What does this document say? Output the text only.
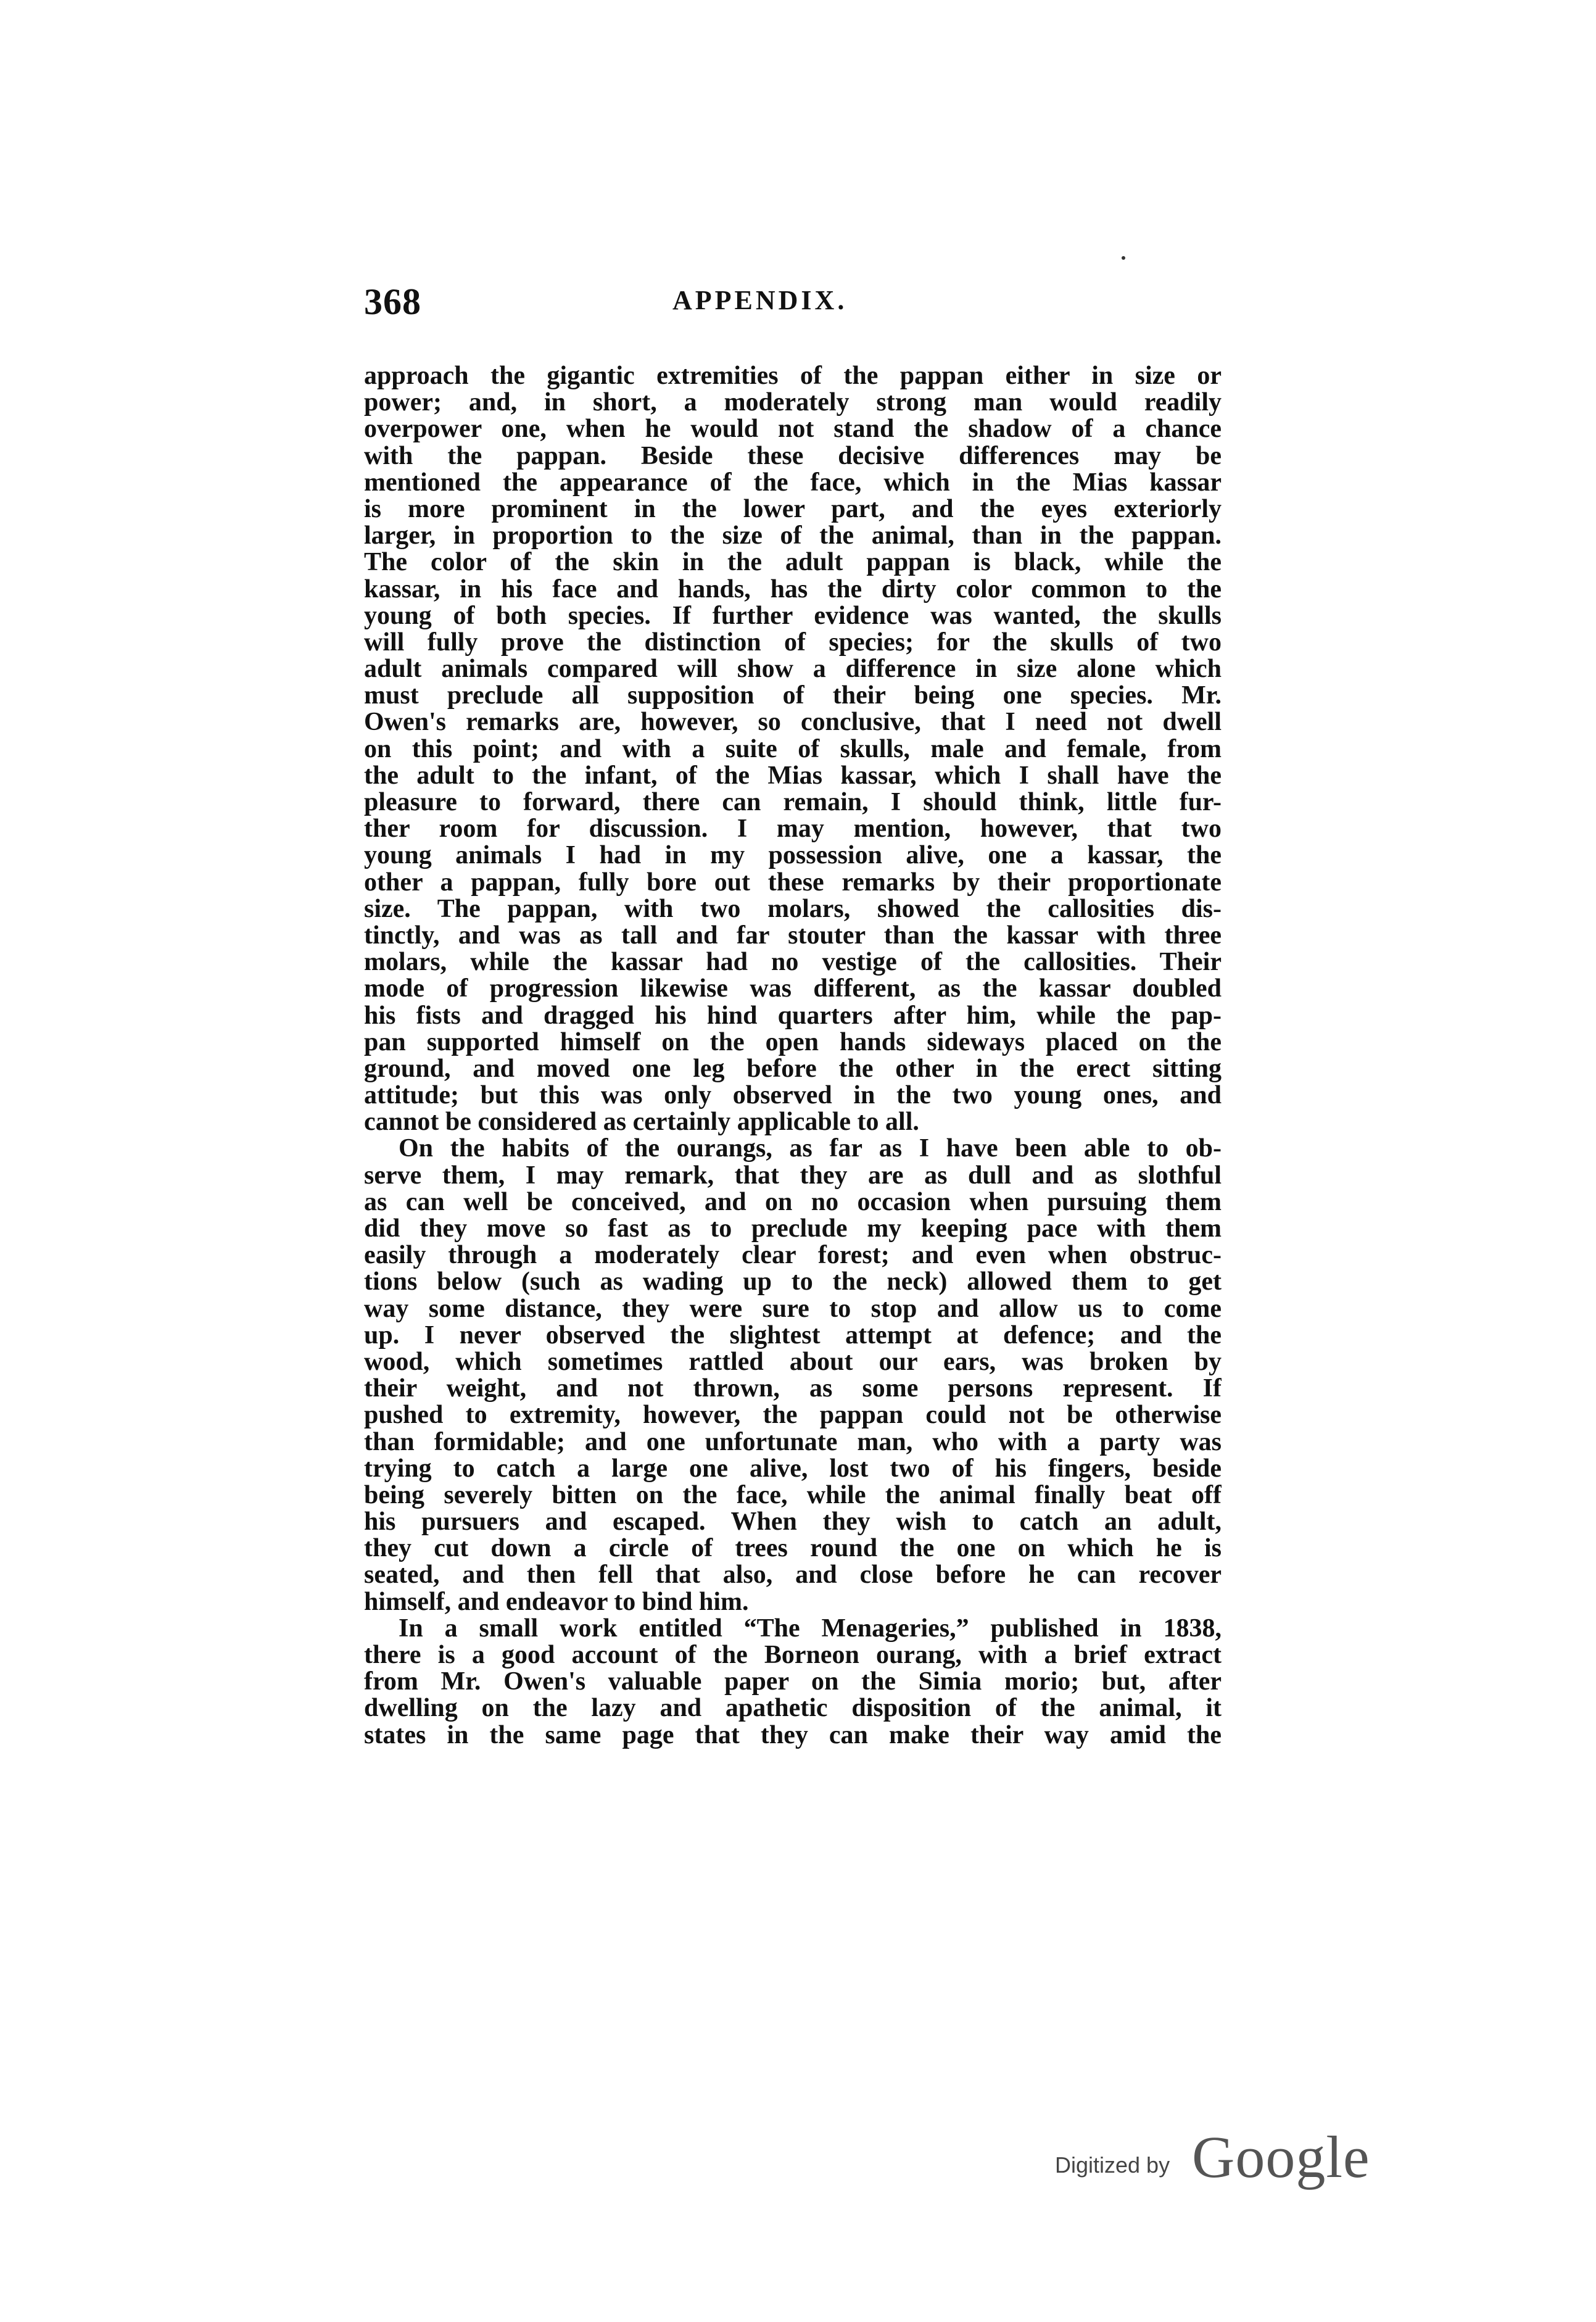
368	APPENDIX.
approach the gigantic extremities of the pappan either in size or
power; and, in short, a moderately strong man would readily
overpower one, when he would not stand the shadow of a chance
with the pappan. Beside these decisive differences may be
mentioned the appearance of the face, which in the Mias kassar
is more prominent in the lower part, and the eyes exteriorly
larger, in proportion to the size of the animal, than in the pappan.
The color of the skin in the adult pappan is black, while the
kassar, in his face and hands, has the dirty color common to the
young of both species. If further evidence was wanted, the skulls
will fully prove the distinction of species; for the skulls of two
adult animals compared will show a difference in size alone which
must preclude all supposition of their being one species. Mr.
Owen's remarks are, however, so conclusive, that I need not dwell
on this point; and with a suite of skulls, male and female, from
the adult to the infant, of the Mias kassar, which I shall have the
pleasure to forward, there can remain, I should think, little fur-
ther room for discussion. I may mention, however, that two
young animals I had in my possession alive, one a kassar, the
other a pappan, fully bore out these remarks by their proportionate
size. The pappan, with two molars, showed the callosities dis-
tinctly, and was as tall and far stouter than the kassar with three
molars, while the kassar had no vestige of the callosities. Their
mode of progression likewise was different, as the kassar doubled
his fists and dragged his hind quarters after him, while the pap-
pan supported himself on the open hands sideways placed on the
ground, and moved one leg before the other in the erect sitting
attitude; but this was only observed in the two young ones, and
cannot be considered as certainly applicable to all.
On the habits of the ourangs, as far as I have been able to ob-
serve them, I may remark, that they are as dull and as slothful
as can well be conceived, and on no occasion when pursuing them
did they move so fast as to preclude my keeping pace with them
easily through a moderately clear forest; and even when obstruc-
tions below (such as wading up to the neck) allowed them to get
way some distance, they were sure to stop and allow us to come
up. I never observed the slightest attempt at defence; and the
wood, which sometimes rattled about our ears, was broken by
their weight, and not thrown, as some persons represent. If
pushed to extremity, however, the pappan could not be otherwise
than formidable; and one unfortunate man, who with a party was
trying to catch a large one alive, lost two of his fingers, beside
being severely bitten on the face, while the animal finally beat off
his pursuers and escaped. When they wish to catch an adult,
they cut down a circle of trees round the one on which he is
seated, and then fell that also, and close before he can recover
himself, and endeavor to bind him.
In a small work entitled “The Menageries,” published in 1838,
there is a good account of the Borneon ourang, with a brief extract
from Mr. Owen's valuable paper on the Simia morio; but, after
dwelling on the lazy and apathetic disposition of the animal, it
states in the same page that they can make their way amid the
Digitized by Google
